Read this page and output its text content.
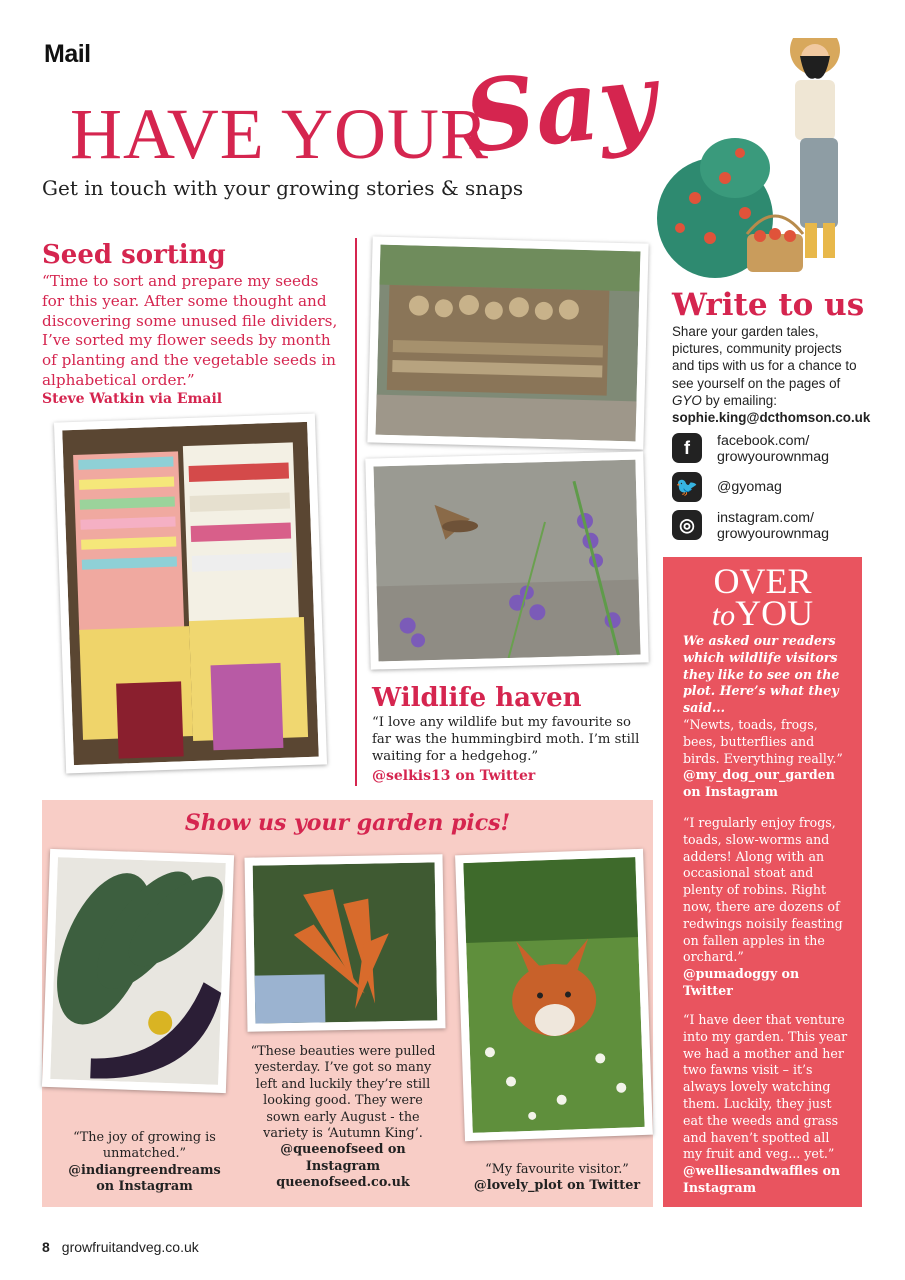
Mail
HAVE YOUR
Say
Get in touch with your growing stories & snaps
Seed sorting

“Time to sort and prepare my seeds for this year. After some thought and discovering some unused file dividers, I’ve sorted my flower seeds by month of planting and the vegetable seeds in alphabetical order.”

Steve Watkin via Email
Wildlife haven

“I love any wildlife but my favourite so far was the hummingbird moth. I’m still waiting for a hedgehog.”

@selkis13 on Twitter
Write to us

Share your garden tales, pictures, community projects and tips with us for a chance to see yourself on the pages of GYO by emailing: sophie.king@dcthomson.co.uk

f	facebook.com/ growyourownmag
🐦 @gyomag
◎	instagram.com/ growyourownmag
OVER
toYOU

We asked our readers which wildlife visitors they like to see on the plot. Here’s what they said...

“Newts, toads, frogs, bees, butterflies and birds. Everything really.”
@my_dog_our_garden on Instagram

“I regularly enjoy frogs, toads, slow-worms and adders! Along with an occasional stoat and plenty of robins. Right now, there are dozens of redwings noisily feasting on fallen apples in the orchard.”
@pumadoggy on Twitter

“I have deer that venture into my garden. This year we had a mother and her two fawns visit – it’s always lovely watching them. Luckily, they just eat the weeds and grass and haven’t spotted all my fruit and veg... yet.”
@welliesandwaffles on Instagram

Show us your garden pics!
“The joy of growing is unmatched.”
@indiangreendreams on Instagram
“These beauties were pulled yesterday. I’ve got so many left and luckily they’re still looking good. They were sown early August - the variety is ‘Autumn King’.
@queenofseed on Instagram
queenofseed.co.uk
“My favourite visitor.”
@lovely_plot on Twitter
8 growfruitandveg.co.uk
